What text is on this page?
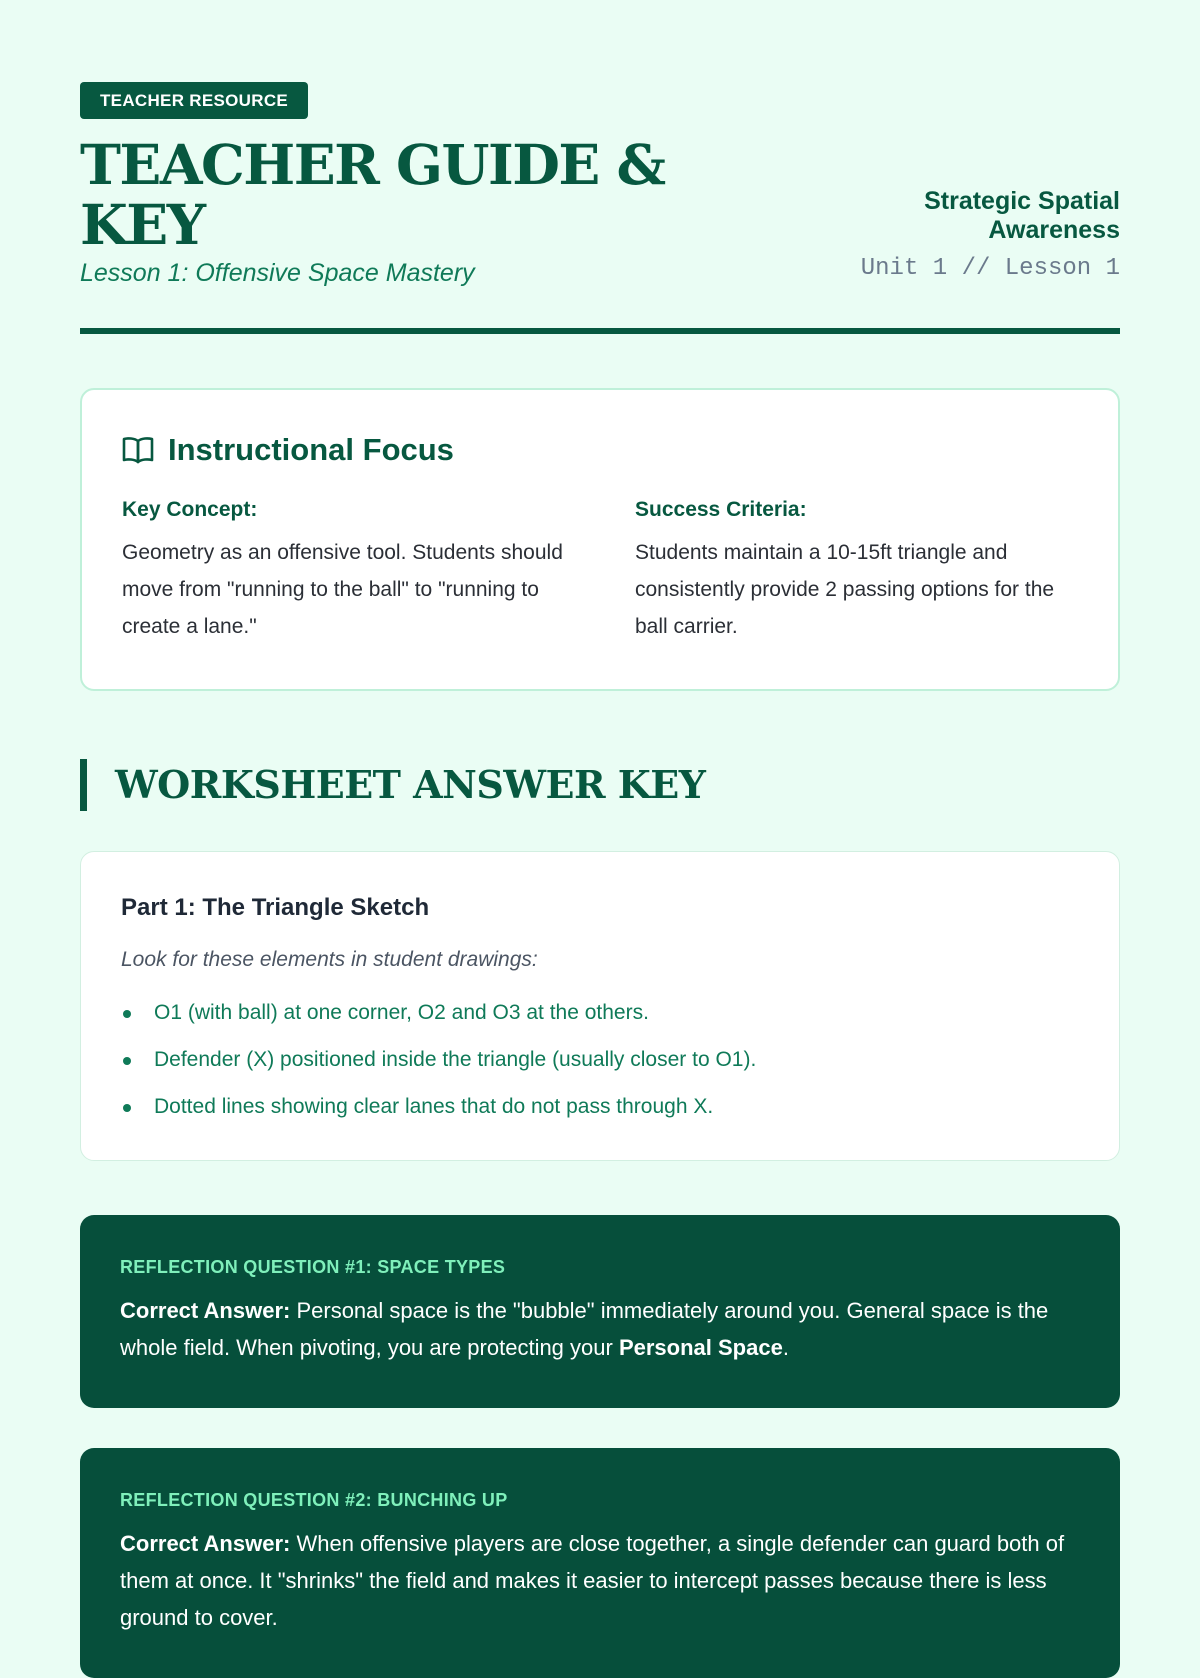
TEACHER RESOURCE
TEACHER GUIDE & KEY
Lesson 1: Offensive Space Mastery
Strategic Spatial Awareness
Unit 1 // Lesson 1
Instructional Focus
Key Concept:

Geometry as an offensive tool. Students should move from "running to the ball" to "running to create a lane."

Success Criteria:

Students maintain a 10-15ft triangle and consistently provide 2 passing options for the ball carrier.

WORKSHEET ANSWER KEY
Part 1: The Triangle Sketch

Look for these elements in student drawings:

O1 (with ball) at one corner, O2 and O3 at the others.
Defender (X) positioned inside the triangle (usually closer to O1).
Dotted lines showing clear lanes that do not pass through X.
REFLECTION QUESTION #1: SPACE TYPES

Correct Answer: Personal space is the "bubble" immediately around you. General space is the whole field. When pivoting, you are protecting your Personal Space.

REFLECTION QUESTION #2: BUNCHING UP

Correct Answer: When offensive players are close together, a single defender can guard both of them at once. It "shrinks" the field and makes it easier to intercept passes because there is less ground to cover.
